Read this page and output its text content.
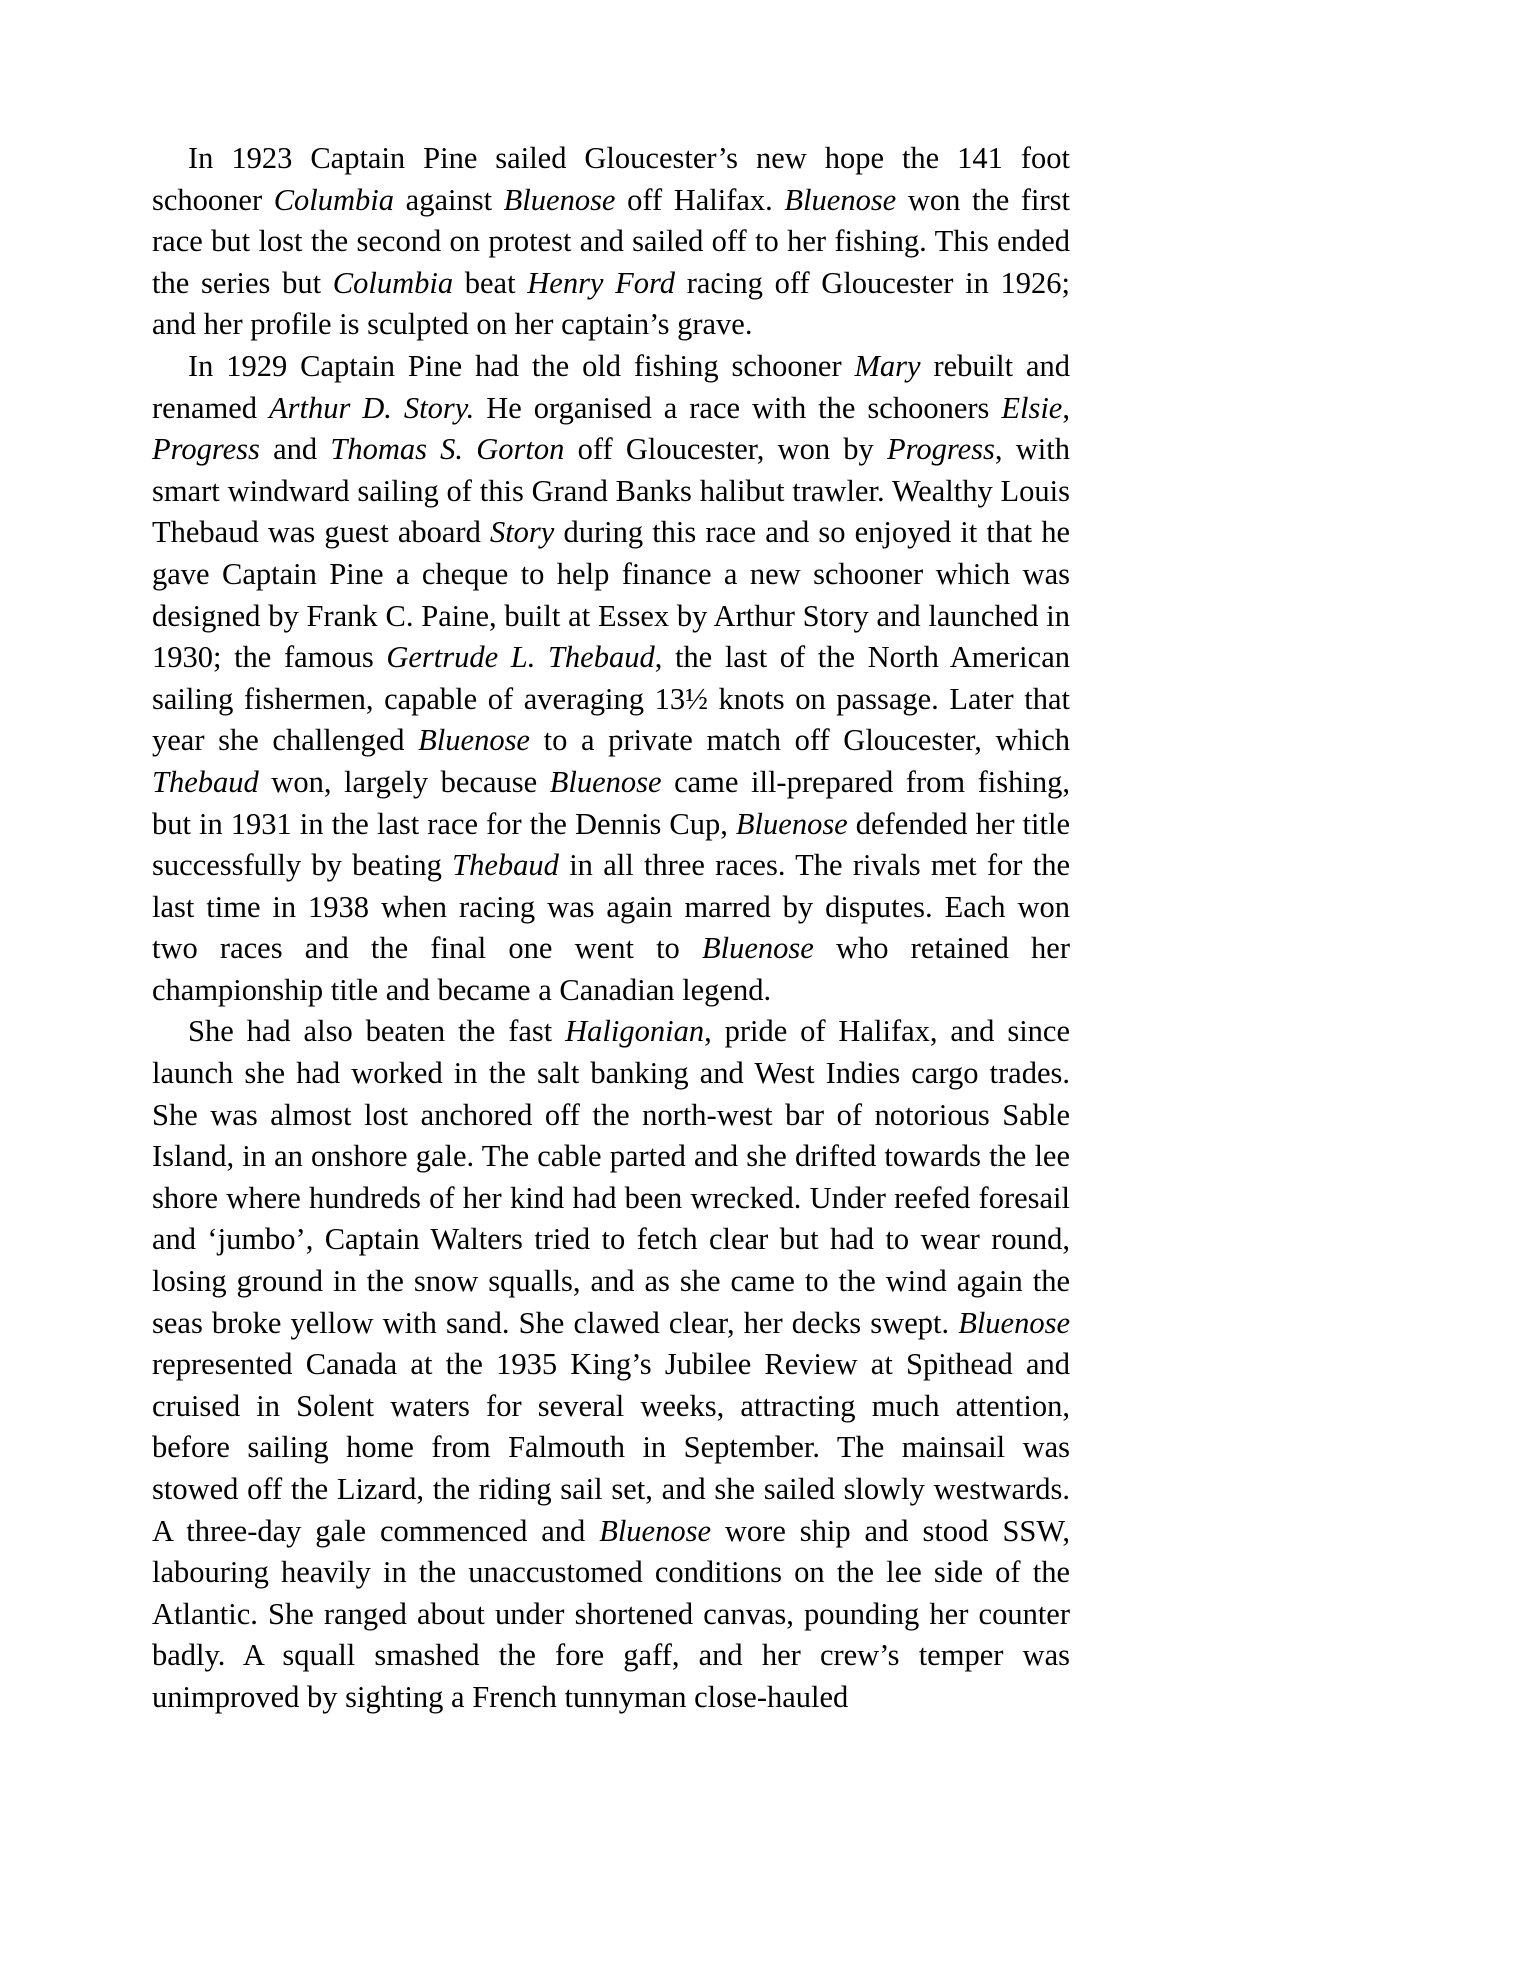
In 1923 Captain Pine sailed Gloucester’s new hope the 141 foot schooner Columbia against Bluenose off Halifax. Bluenose won the first race but lost the second on protest and sailed off to her fishing. This ended the series but Columbia beat Henry Ford racing off Gloucester in 1926; and her profile is sculpted on her captain’s grave.

In 1929 Captain Pine had the old fishing schooner Mary rebuilt and renamed Arthur D. Story. He organised a race with the schooners Elsie, Progress and Thomas S. Gorton off Gloucester, won by Progress, with smart windward sailing of this Grand Banks halibut trawler. Wealthy Louis Thebaud was guest aboard Story during this race and so enjoyed it that he gave Captain Pine a cheque to help finance a new schooner which was designed by Frank C. Paine, built at Essex by Arthur Story and launched in 1930; the famous Gertrude L. Thebaud, the last of the North American sailing fishermen, capable of averaging 13½ knots on passage. Later that year she challenged Bluenose to a private match off Gloucester, which Thebaud won, largely because Bluenose came ill-prepared from fishing, but in 1931 in the last race for the Dennis Cup, Bluenose defended her title successfully by beating Thebaud in all three races. The rivals met for the last time in 1938 when racing was again marred by disputes. Each won two races and the final one went to Bluenose who retained her championship title and became a Canadian legend.

She had also beaten the fast Haligonian, pride of Halifax, and since launch she had worked in the salt banking and West Indies cargo trades. She was almost lost anchored off the north-west bar of notorious Sable Island, in an onshore gale. The cable parted and she drifted towards the lee shore where hundreds of her kind had been wrecked. Under reefed foresail and ‘jumbo’, Captain Walters tried to fetch clear but had to wear round, losing ground in the snow squalls, and as she came to the wind again the seas broke yellow with sand. She clawed clear, her decks swept. Bluenose represented Canada at the 1935 King’s Jubilee Review at Spithead and cruised in Solent waters for several weeks, attracting much attention, before sailing home from Falmouth in September. The mainsail was stowed off the Lizard, the riding sail set, and she sailed slowly westwards. A three-day gale commenced and Bluenose wore ship and stood SSW, labouring heavily in the unaccustomed conditions on the lee side of the Atlantic. She ranged about under shortened canvas, pounding her counter badly. A squall smashed the fore gaff, and her crew’s temper was unimproved by sighting a French tunnyman close-hauled
